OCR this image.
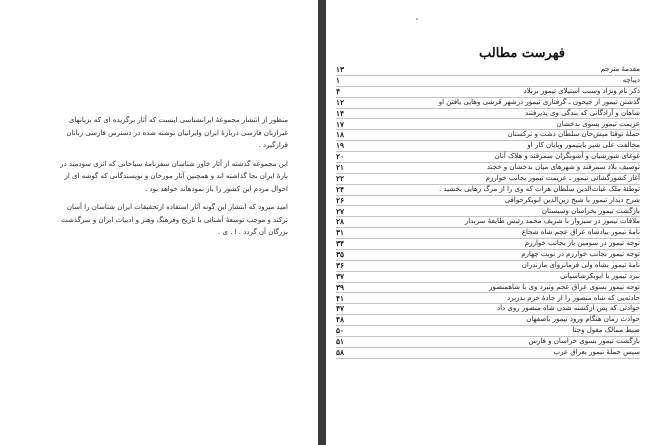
منظور از انتشار مجموعهٔ ایرانشناسی اینست که آثار برگزیده ای که بزبانهای غیرازبان فارسی دربارهٔ ایران وایرانیان نوشته شده در دسترس فارسی زبانان قرارگیرد .

این مجموعه گذشته از آثار خاور شناسان سفرنامهٔ سیاحانی که اثری سودمند در بارهٔ ایران بجا گذاشته اند و همچنین آثار مورخان و نویسندگانی که گوشه ای از احوال مردم این کشور را باز نمودهاند خواهد بود .

امید میرود که انتشار این گونه آثار استفاده ازتحقیقات ایران شناسان را آسان ترکند و موجب توسعهٔ آشنائی با تاریخ وفرهنگ وهنر و ادبیات ایران و سرگذشت بزرگان آن گردد . ا . ی .

فهرست مطالب
مقدمهٔ مترجم
۱۳
دیباچه
۱
ذکر نام ونژاد وسبب استیلای تیمور بربلاد
۴
گذشتن تیمور از جیحون ـ گرفتاری تیمور درشهر قرشی وهایی یافتن او
۱۲
شاهان و آزادگانی که بندگی وی پذیرفتند
۱۴
عزیمت تیمور بسوی بدخشان
۱۷
حملهٔ توقتا میش‌خان سلطان دشت و ترکستان
۱۸
مخالفت علی شیر بایتیمور وپایان کار او
۱۹
غوغای شورشیان و آشوبگران سمرقند و هلاک آنان
۲۰
توصیف بلاد سمرقند و شهرهای میان بدخشان و خجند
۲۱
آغاز کشورگشائی تیمور ـ عزیمت تیمور بجانب خوارزم
۲۲
توطئهٔ ملک غیاث‌الدین سلطان هرات که وی را از مرگ رهایی بخشید .
۲۴
شرح دیدار تیمور با شیخ زین‌الدین ابوبکرخوافی
۲۶
بازگشت تیمور بخراسان وسیستان
۲۷
ملاقات تیمور در سبزوار با شریف محمد رئیس طایفهٔ سربدار
۲۸
نامهٔ تیمور بپادشاه عراق عجم شاه شجاع
۳۱
توجه تیمور در سومین بار بجانب خوارزم
۳۴
توجه تیمور بجانب خوارزم در نوبت چهارم
۳۵
نامهٔ تیمور بشاه ولی فرمانروای مازندران
۳۶
نبرد تیمور با ابوبکرشاسپانی
۳۷
توجه تیمور بسوی عراق عجم وتبرد وی با شاهمنصور
۳۹
حادثه‌یی که شاه منصور را از جادهٔ حزم بدربرد
۴۱
حوادثی که پس ازکشته شدن شاه منصور روی داد
۴۷
حوادث زمان هنگام ورود تیمور باصفهان
۴۸
ضبط ممالک مغول وجتا
۵۰
بازگشت تیمور بسوی خراسان و فارس
۵۱
سپس حملهٔ تیمور بعراق عرب
۵۸
